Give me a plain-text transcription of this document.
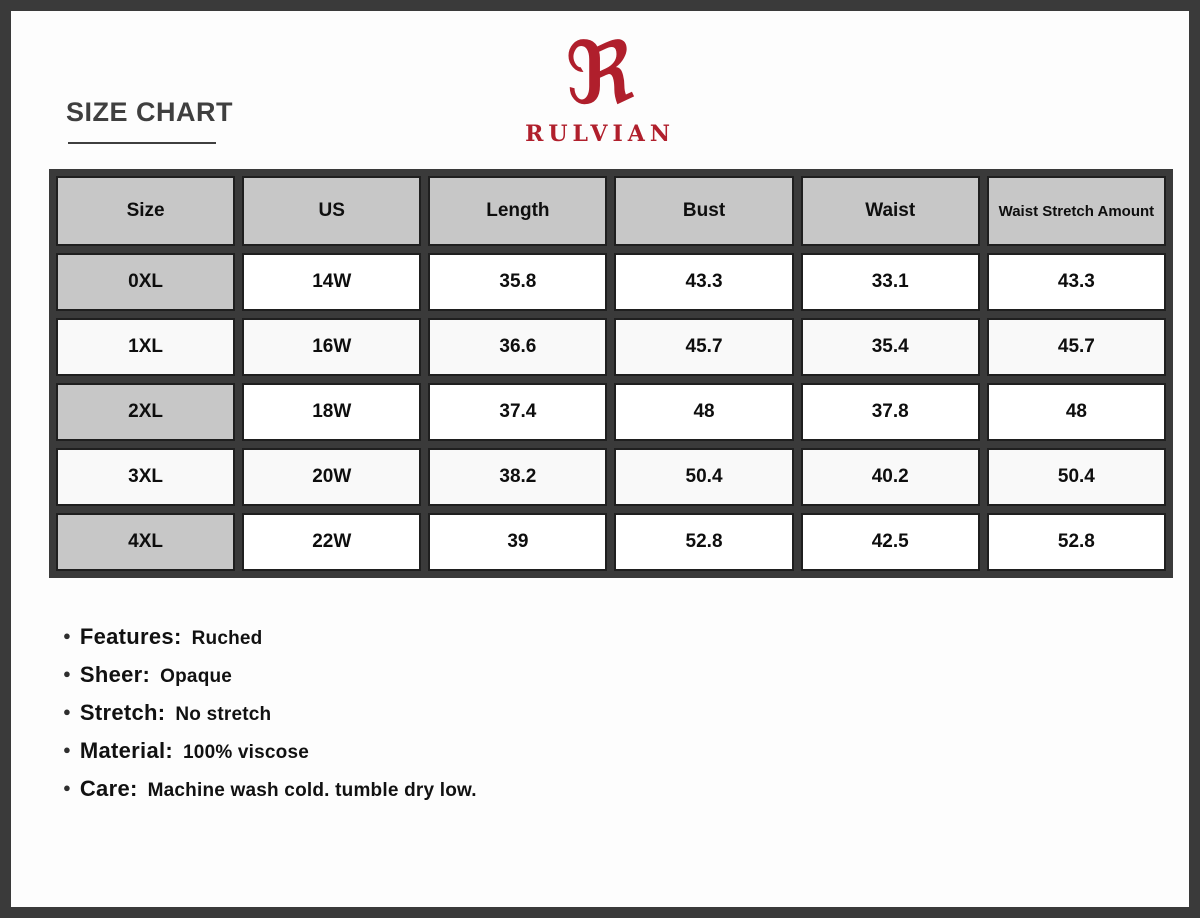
SIZE CHART	ℜ
RULVIAN
Size	US	Length	Bust	Waist	Waist Stretch Amount
0XL	14W	35.8	43.3	33.1	43.3
1XL	16W	36.6	45.7	35.4	45.7
2XL	18W	37.4	48	37.8	48
3XL	20W	38.2	50.4	40.2	50.4
4XL	22W	39	52.8	42.5	52.8
● Features: Ruched
● Sheer: Opaque
● Stretch: No stretch
● Material: 100% viscose
● Care: Machine wash cold. tumble dry low.
